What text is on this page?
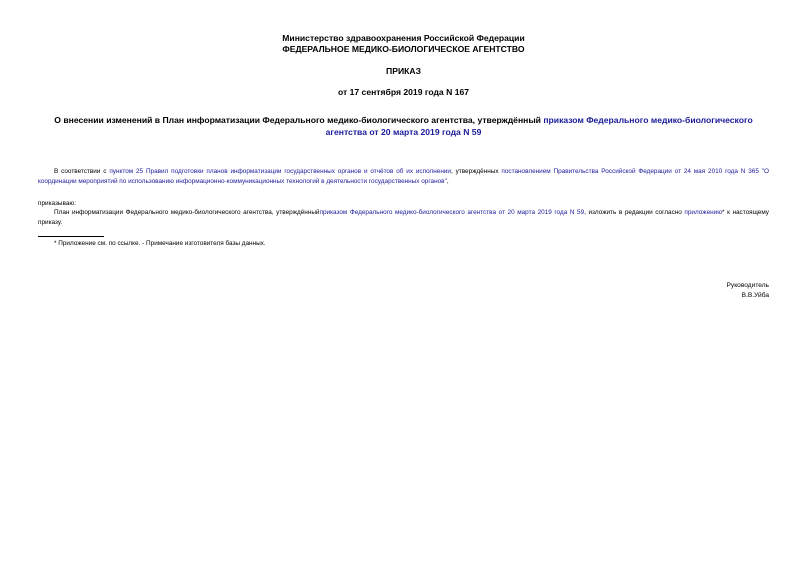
Министерство здравоохранения Российской Федерации
ФЕДЕРАЛЬНОЕ МЕДИКО-БИОЛОГИЧЕСКОЕ АГЕНТСТВО
ПРИКАЗ
от 17 сентября 2019 года N 167
О внесении изменений в План информатизации Федерального медико-биологического агентства, утверждённый приказом Федерального медико-биологического агентства от 20 марта 2019 года N 59
В соответствии с пунктом 25 Правил подготовки планов информатизации государственных органов и отчётов об их исполнении, утверждённых постановлением Правительства Российской Федерации от 24 мая 2010 года N 365 "О координации мероприятий по использованию информационно-коммуникационных технологий в деятельности государственных органов",
приказываю:
План информатизации Федерального медико-биологического агентства, утверждённыйприказом Федерального медико-биологического агентства от 20 марта 2019 года N 59, изложить в редакции согласно приложению* к настоящему приказу.
* Приложение см. по ссылке. - Примечание изготовителя базы данных.
Руководитель
В.В.Уйба
